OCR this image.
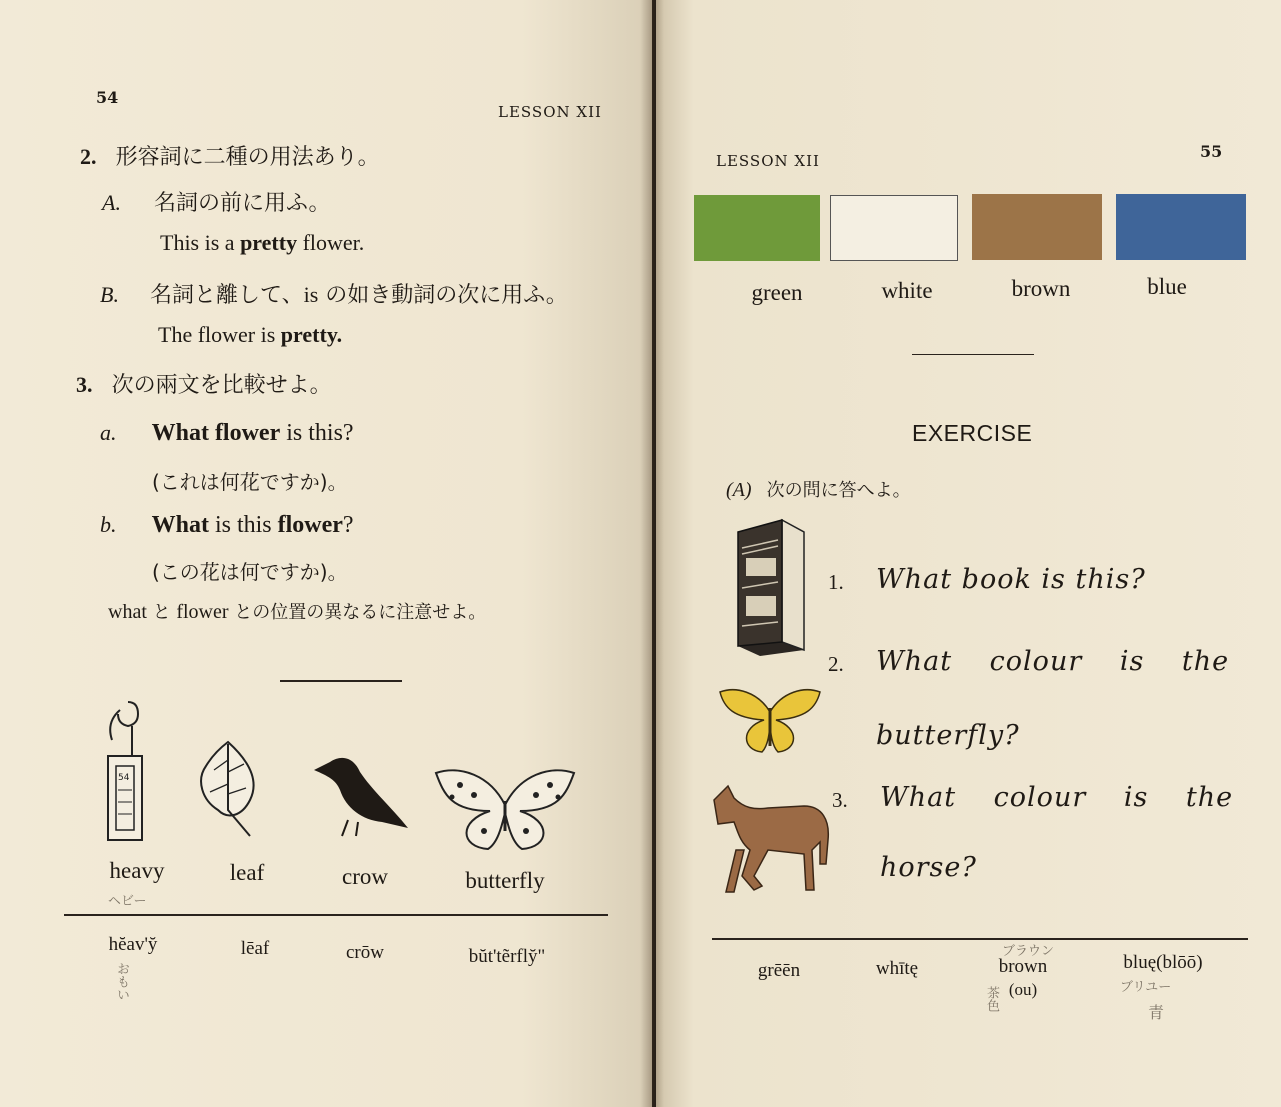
54
LESSON XII
2. 形容詞に二種の用法あり。
A. 名詞の前に用ふ。
This is a pretty flower.
B. 名詞と離して、is の如き動詞の次に用ふ。
The flower is pretty.
3. 次の兩文を比較せよ。
a. What flower is this?
(これは何花ですか)。
b. What is this flower?
(この花は何ですか)。
what と flower との位置の異なるに注意せよ。
54
heavy	leaf	crow	butterfly
hĕav'y̆	lēaf	crōw	bŭt'tẽrfly̆"
ヘビー
おもい
LESSON XII	55
green	white	brown	blue
EXERCISE
(A) 次の問に答へよ。
1. What book is this?
2. What colour is the
butterfly?
3. What colour is the
horse?
grēēn	whītę	brown
(ou)
bluę(blōō)
ブラウン
茶色	ブリユー
青
